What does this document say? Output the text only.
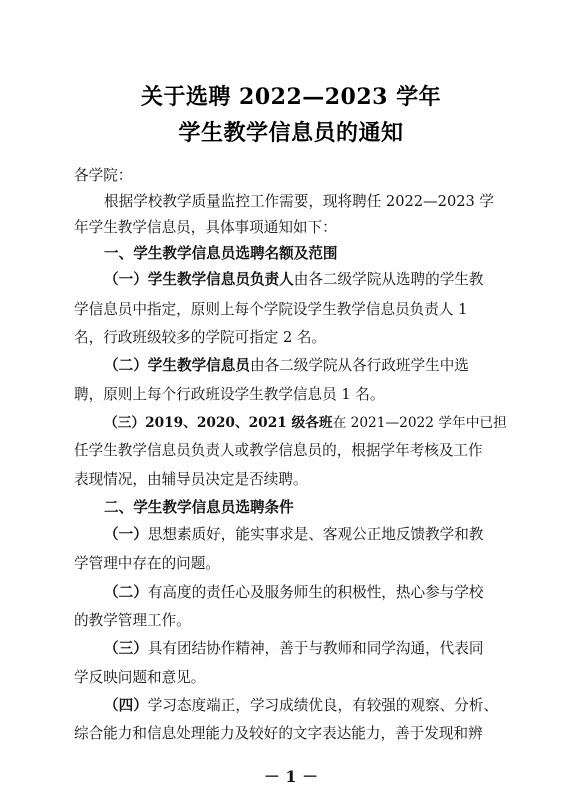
关于选聘 2022—2023 学年
学生教学信息员的通知
各学院：
根据学校教学质量监控工作需要，现将聘任 2022—2023 学
年学生教学信息员，具体事项通知如下：
一、学生教学信息员选聘名额及范围
（一）学生教学信息员负责人由各二级学院从选聘的学生教
学信息员中指定，原则上每个学院设学生教学信息员负责人 1
名，行政班级较多的学院可指定 2 名。
（二）学生教学信息员由各二级学院从各行政班学生中选
聘，原则上每个行政班设学生教学信息员 1 名。
（三）2019、2020、2021 级各班在 2021—2022 学年中已担
任学生教学信息员负责人或教学信息员的，根据学年考核及工作
表现情况，由辅导员决定是否续聘。
二、学生教学信息员选聘条件
（一）思想素质好，能实事求是、客观公正地反馈教学和教
学管理中存在的问题。
（二）有高度的责任心及服务师生的积极性，热心参与学校
的教学管理工作。
（三）具有团结协作精神，善于与教师和同学沟通，代表同
学反映问题和意见。
（四）学习态度端正，学习成绩优良，有较强的观察、分析、
综合能力和信息处理能力及较好的文字表达能力，善于发现和辨
－ 1 －
